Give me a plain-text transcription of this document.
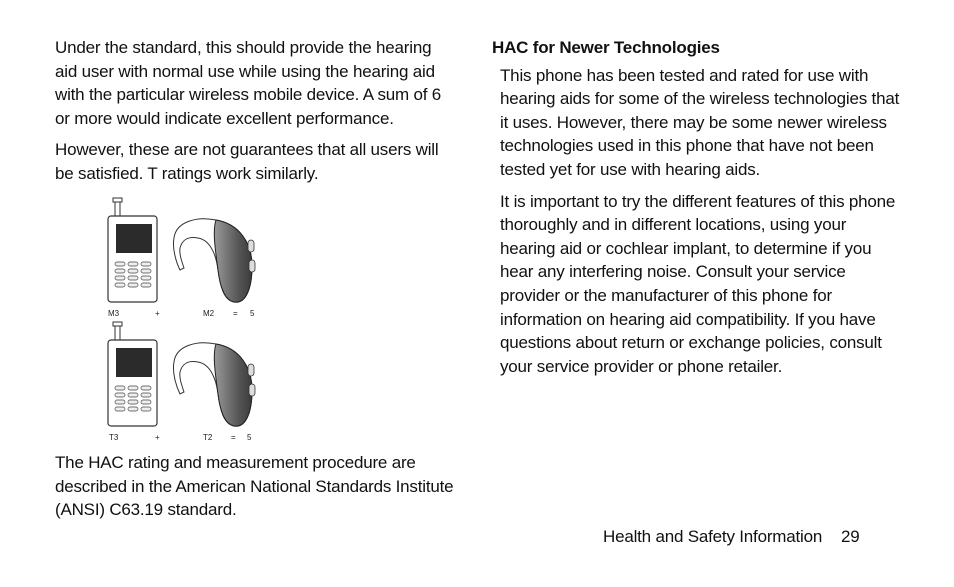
Under the standard, this should provide the hearing aid user with normal use while using the hearing aid with the particular wireless mobile device. A sum of 6 or more would indicate excellent performance.

However, these are not guarantees that all users will be satisfied. T ratings work similarly.

M3	+	M2 = 5
T3	+	T2 = 5

The HAC rating and measurement procedure are described in the American National Standards Institute (ANSI) C63.19 standard.

HAC for Newer Technologies

This phone has been tested and rated for use with hearing aids for some of the wireless technologies that it uses. However, there may be some newer wireless technologies used in this phone that have not been tested yet for use with hearing aids.

It is important to try the different features of this phone thoroughly and in different locations, using your hearing aid or cochlear implant, to determine if you hear any interfering noise. Consult your service provider or the manufacturer of this phone for information on hearing aid compatibility. If you have questions about return or exchange policies, consult your service provider or phone retailer.

Health and Safety Information 29
